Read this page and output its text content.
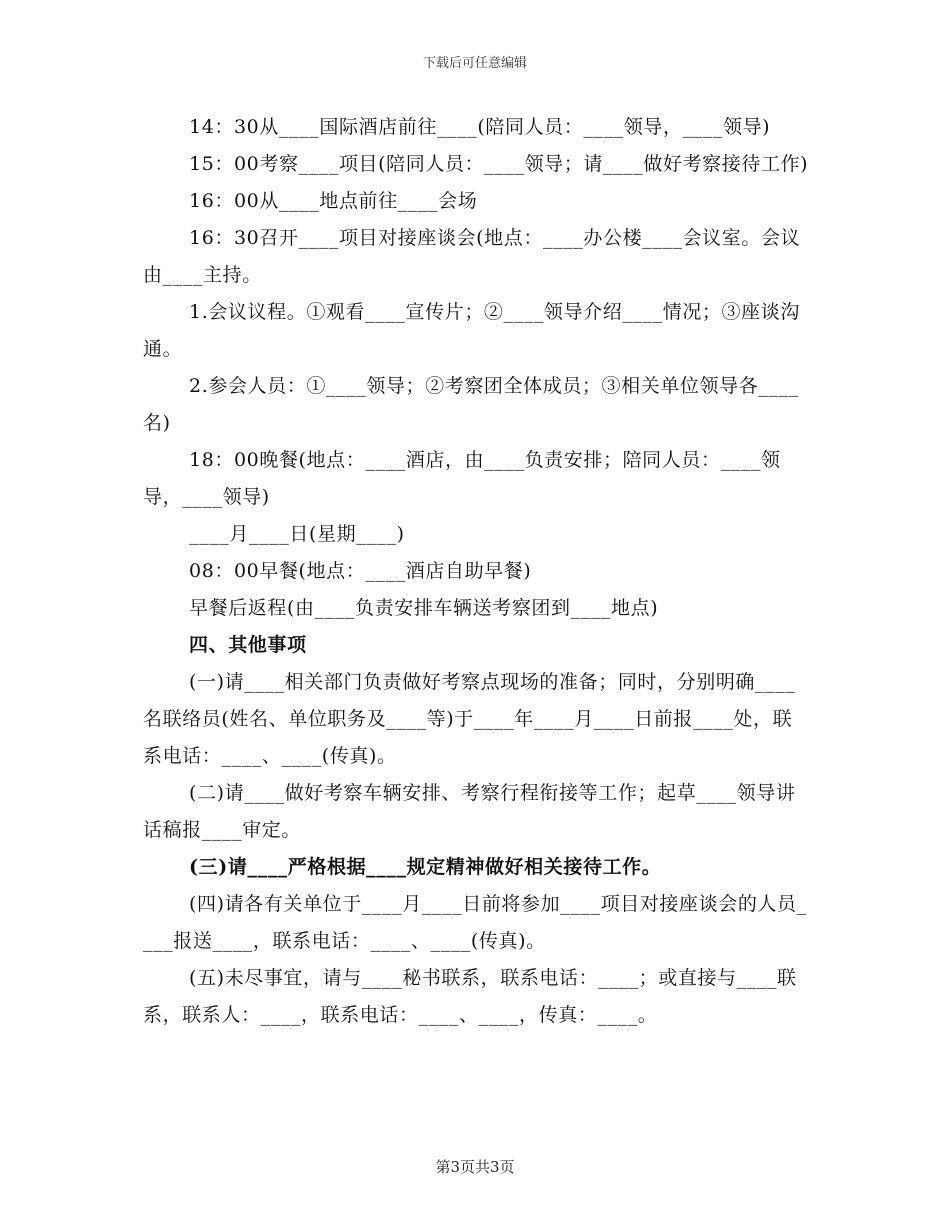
下载后可任意编辑

14：30从____国际酒店前往____(陪同人员：____领导，____领导)

15：00考察____项目(陪同人员：____领导；请____做好考察接待工作)

16：00从____地点前往____会场

16：30召开____项目对接座谈会(地点：____办公楼____会议室。会议由____主持。

1.会议议程。①观看____宣传片；②____领导介绍____情况；③座谈沟通。

2.参会人员：①____领导；②考察团全体成员；③相关单位领导各____名)

18：00晚餐(地点：____酒店，由____负责安排；陪同人员：____领导，____领导)

____月____日(星期____)

08：00早餐(地点：____酒店自助早餐)

早餐后返程(由____负责安排车辆送考察团到____地点)

四、其他事项

(一)请____相关部门负责做好考察点现场的准备；同时，分别明确____名联络员(姓名、单位职务及____等)于____年____月____日前报____处，联系电话：____、____(传真)。

(二)请____做好考察车辆安排、考察行程衔接等工作；起草____领导讲话稿报____审定。

(三)请____严格根据____规定精神做好相关接待工作。

(四)请各有关单位于____月____日前将参加____项目对接座谈会的人员____报送____，联系电话：____、____(传真)。

(五)未尽事宜，请与____秘书联系，联系电话：____；或直接与____联系，联系人：____，联系电话：____、____，传真：____。

第3页共3页
